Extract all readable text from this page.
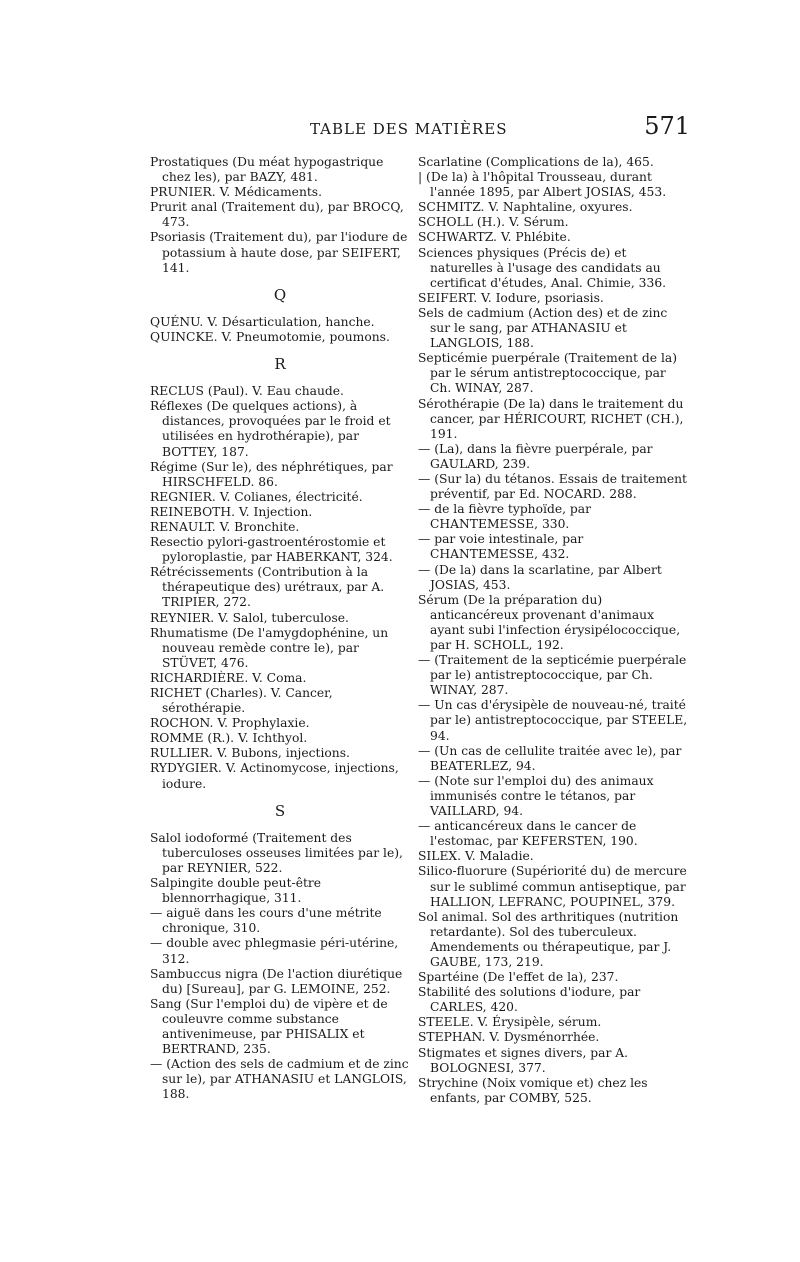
TABLE DES MATIÈRES	571

Prostatiques (Du méat hypogastrique chez les), par BAZY, 481.

PRUNIER. V. Médicaments.

Prurit anal (Traitement du), par BROCQ, 473.

Psoriasis (Traitement du), par l'iodure de potassium à haute dose, par SEIFERT, 141.

Q

QUÉNU. V. Désarticulation, hanche.

QUINCKE. V. Pneumotomie, poumons.

R

RECLUS (Paul). V. Eau chaude.

Réflexes (De quelques actions), à distances, provoquées par le froid et utilisées en hydrothérapie), par BOTTEY, 187.

Régime (Sur le), des néphrétiques, par HIRSCHFELD. 86.

REGNIER. V. Colianes, électricité.

REINEBOTH. V. Injection.

RENAULT. V. Bronchite.

Resectio pylori-gastroentérostomie et pyloroplastie, par HABERKANT, 324.

Rétrécissements (Contribution à la thérapeutique des) urétraux, par A. TRIPIER, 272.

REYNIER. V. Salol, tuberculose.

Rhumatisme (De l'amygdophénine, un nouveau remède contre le), par STÜVET, 476.

RICHARDIÈRE. V. Coma.

RICHET (Charles). V. Cancer, sérothérapie.

ROCHON. V. Prophylaxie.

ROMME (R.). V. Ichthyol.

RULLIER. V. Bubons, injections.

RYDYGIER. V. Actinomycose, injections, iodure.

S

Salol iodoformé (Traitement des tuberculoses osseuses limitées par le), par REYNIER, 522.

Salpingite double peut-être blennorrhagique, 311.

— aiguë dans les cours d'une métrite chronique, 310.

— double avec phlegmasie péri-utérine, 312.

Sambuccus nigra (De l'action diurétique du) [Sureau], par G. LEMOINE, 252.

Sang (Sur l'emploi du) de vipère et de couleuvre comme substance antivenimeuse, par PHISALIX et BERTRAND, 235.

— (Action des sels de cadmium et de zinc sur le), par ATHANASIU et LANGLOIS, 188.

Scarlatine (Complications de la), 465.

| (De la) à l'hôpital Trousseau, durant l'année 1895, par Albert JOSIAS, 453.

SCHMITZ. V. Naphtaline, oxyures.

SCHOLL (H.). V. Sérum.

SCHWARTZ. V. Phlébite.

Sciences physiques (Précis de) et naturelles à l'usage des candidats au certificat d'études, Anal. Chimie, 336.

SEIFERT. V. Iodure, psoriasis.

Sels de cadmium (Action des) et de zinc sur le sang, par ATHANASIU et LANGLOIS, 188.

Septicémie puerpérale (Traitement de la) par le sérum antistreptococcique, par Ch. WINAY, 287.

Sérothérapie (De la) dans le traitement du cancer, par HÉRICOURT, RICHET (CH.), 191.

— (La), dans la fièvre puerpérale, par GAULARD, 239.

— (Sur la) du tétanos. Essais de traitement préventif, par Ed. NOCARD. 288.

— de la fièvre typhoïde, par CHANTEMESSE, 330.

— par voie intestinale, par CHANTEMESSE, 432.

— (De la) dans la scarlatine, par Albert JOSIAS, 453.

Sérum (De la préparation du) anticancéreux provenant d'animaux ayant subi l'infection érysipélococcique, par H. SCHOLL, 192.

— (Traitement de la septicémie puerpérale par le) antistreptococcique, par Ch. WINAY, 287.

— Un cas d'érysipèle de nouveau-né, traité par le) antistreptococcique, par STEELE, 94.

— (Un cas de cellulite traitée avec le), par BEATERLEZ, 94.

— (Note sur l'emploi du) des animaux immunisés contre le tétanos, par VAILLARD, 94.

— anticancéreux dans le cancer de l'estomac, par KEFERSTEN, 190.

SILEX. V. Maladie.

Silico-fluorure (Supériorité du) de mercure sur le sublimé commun antiseptique, par HALLION, LEFRANC, POUPINEL, 379.

Sol animal. Sol des arthritiques (nutrition retardante). Sol des tuberculeux. Amendements ou thérapeutique, par J. GAUBE, 173, 219.

Spartéine (De l'effet de la), 237.

Stabilité des solutions d'iodure, par CARLES, 420.

STEELE. V. Érysipèle, sérum.

STEPHAN. V. Dysménorrhée.

Stigmates et signes divers, par A. BOLOGNESI, 377.

Strychine (Noix vomique et) chez les enfants, par COMBY, 525.
